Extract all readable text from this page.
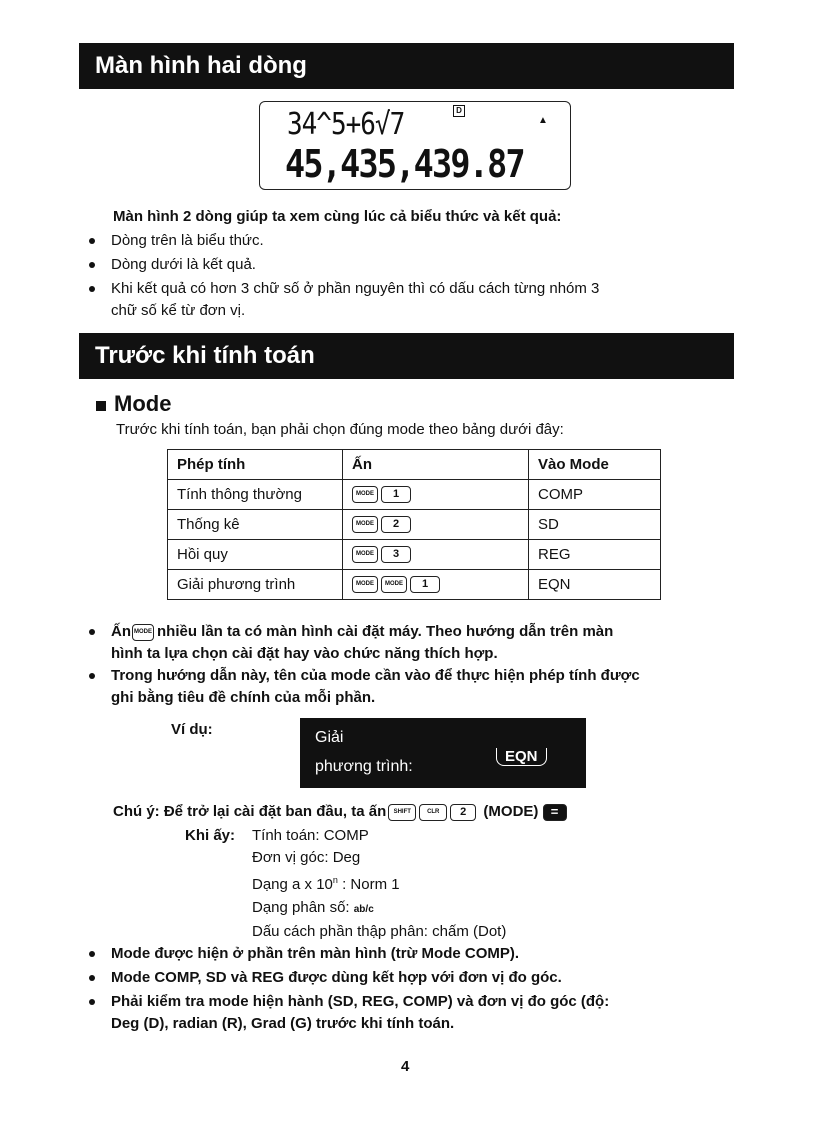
Màn hình hai dòng
D
▲
34^5+6√7
45,435,439.87
Màn hình 2 dòng giúp ta xem cùng lúc cả biểu thức và kết quả:
Dòng trên là biểu thức.
Dòng dưới là kết quả.
Khi kết quả có hơn 3 chữ số ở phần nguyên thì có dấu cách từng nhóm 3
chữ số kể từ đơn vị.
Trước khi tính toán
Mode
Trước khi tính toán, bạn phải chọn đúng mode theo bảng dưới đây:
Phép tính	Ấn	Vào Mode
Tính thông thường	MODE 1	COMP
Thống kê	MODE 2	SD
Hồi quy	MODE 3	REG
Giải phương trình	MODE MODE 1	EQN
Ấn MODE nhiều lần ta có màn hình cài đặt máy. Theo hướng dẫn trên màn
hình ta lựa chọn cài đặt hay vào chức năng thích hợp.
Trong hướng dẫn này, tên của mode cần vào để thực hiện phép tính được
ghi bằng tiêu đề chính của mỗi phần.
Ví dụ:	Giải
phương trình:
EQN
Chú ý: Để trở lại cài đặt ban đầu, ta ấn SHIFT	CLR 2 (MODE) =
Khi ấy: Tính toán: COMP
Đơn vị góc: Deg
Dạng a x 10$^n$ : Norm 1
Dạng phân số: ab/c
Dấu cách phần thập phân: chấm (Dot)
Mode được hiện ở phần trên màn hình (trừ Mode COMP).
Mode COMP, SD và REG được dùng kết hợp với đơn vị đo góc.
Phải kiểm tra mode hiện hành (SD, REG, COMP) và đơn vị đo góc (độ:
Deg (D), radian (R), Grad (G) trước khi tính toán.
4
